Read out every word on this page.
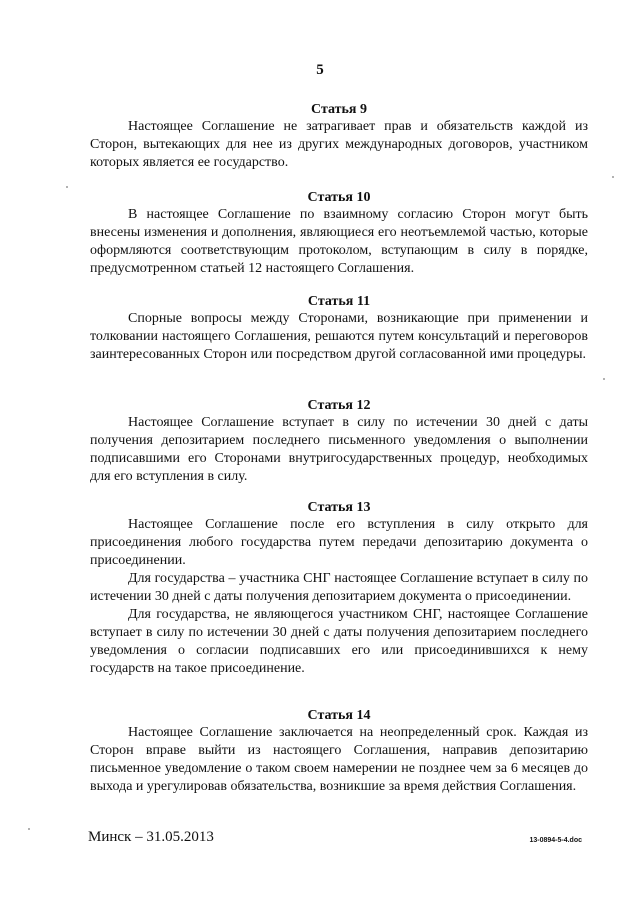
5
Статья 9

Настоящее Соглашение не затрагивает прав и обязательств каждой из Сторон, вытекающих для нее из других международных договоров, участником которых является ее государство.

Статья 10

В настоящее Соглашение по взаимному согласию Сторон могут быть внесены изменения и дополнения, являющиеся его неотъемлемой частью, которые оформляются соответствующим протоколом, вступающим в силу в порядке, предусмотренном статьей 12 настоящего Соглашения.

Статья 11

Спорные вопросы между Сторонами, возникающие при применении и толковании настоящего Соглашения, решаются путем консультаций и переговоров заинтересованных Сторон или посредством другой согласованной ими процедуры.

Статья 12

Настоящее Соглашение вступает в силу по истечении 30 дней с даты получения депозитарием последнего письменного уведомления о выполнении подписавшими его Сторонами внутригосударственных процедур, необходимых для его вступления в силу.

Статья 13

Настоящее Соглашение после его вступления в силу открыто для присоединения любого государства путем передачи депозитарию документа о присоединении.

Для государства – участника СНГ настоящее Соглашение вступает в силу по истечении 30 дней с даты получения депозитарием документа о присоединении.

Для государства, не являющегося участником СНГ, настоящее Соглашение вступает в силу по истечении 30 дней с даты получения депозитарием последнего уведомления о согласии подписавших его или присоединившихся к нему государств на такое присоединение.

Статья 14

Настоящее Соглашение заключается на неопределенный срок. Каждая из Сторон вправе выйти из настоящего Соглашения, направив депозитарию письменное уведомление о таком своем намерении не позднее чем за 6 месяцев до выхода и урегулировав обязательства, возникшие за время действия Соглашения.

Минск – 31.05.2013	13-0894-5-4.doc
